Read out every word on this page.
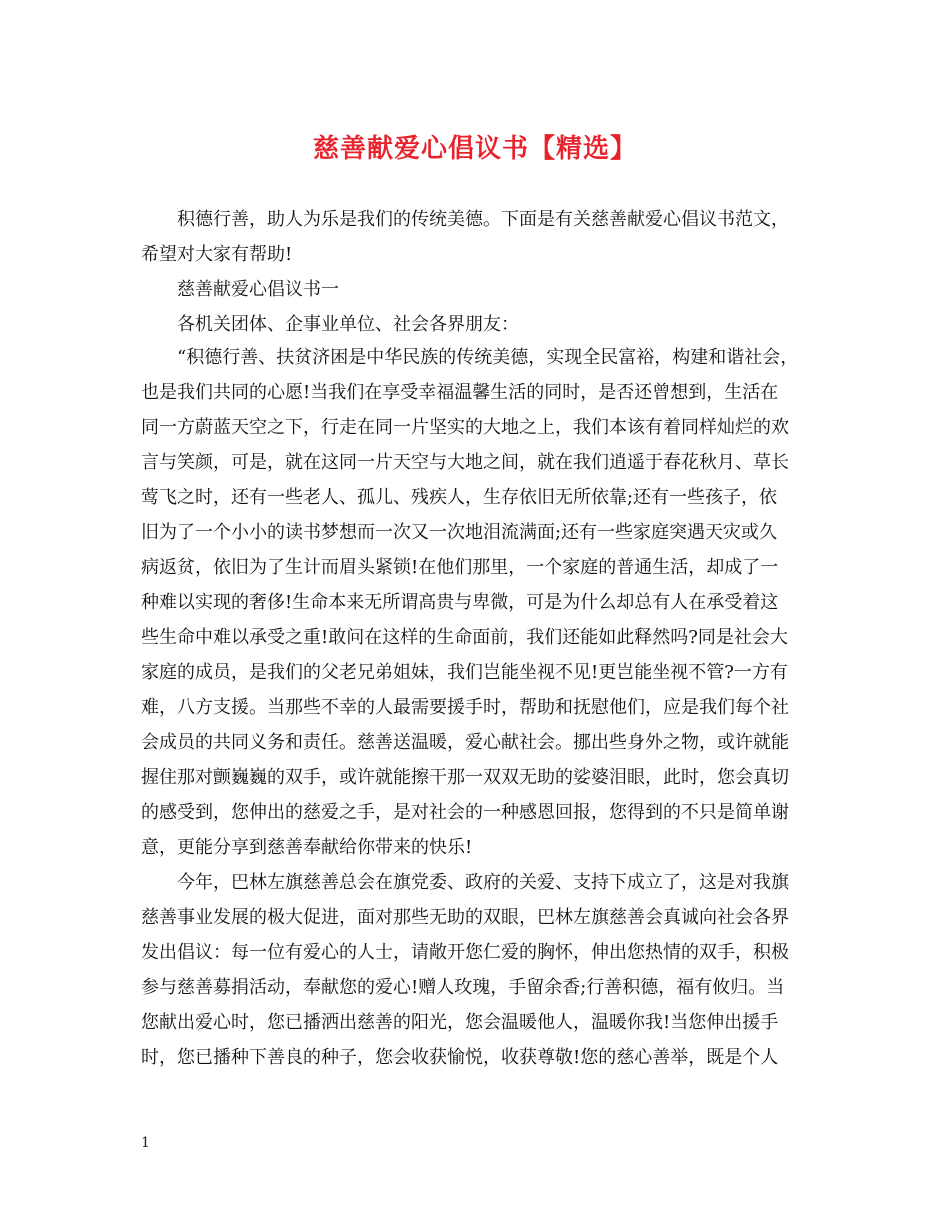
慈善献爱心倡议书【精选】
积德行善，助人为乐是我们的传统美德。下面是有关慈善献爱心倡议书范文，
希望对大家有帮助!
慈善献爱心倡议书一
各机关团体、企事业单位、社会各界朋友：
“积德行善、扶贫济困是中华民族的传统美德，实现全民富裕，构建和谐社会，
也是我们共同的心愿!当我们在享受幸福温馨生活的同时，是否还曾想到，生活在
同一方蔚蓝天空之下，行走在同一片坚实的大地之上，我们本该有着同样灿烂的欢
言与笑颜，可是，就在这同一片天空与大地之间，就在我们逍遥于春花秋月、草长
莺飞之时，还有一些老人、孤儿、残疾人，生存依旧无所依靠;还有一些孩子，依
旧为了一个小小的读书梦想而一次又一次地泪流满面;还有一些家庭突遇天灾或久
病返贫，依旧为了生计而眉头紧锁!在他们那里，一个家庭的普通生活，却成了一
种难以实现的奢侈!生命本来无所谓高贵与卑微，可是为什么却总有人在承受着这
些生命中难以承受之重!敢问在这样的生命面前，我们还能如此释然吗?同是社会大
家庭的成员，是我们的父老兄弟姐妹，我们岂能坐视不见!更岂能坐视不管?一方有
难，八方支援。当那些不幸的人最需要援手时，帮助和抚慰他们，应是我们每个社
会成员的共同义务和责任。慈善送温暖，爱心献社会。挪出些身外之物，或许就能
握住那对颤巍巍的双手，或许就能擦干那一双双无助的娑婆泪眼，此时，您会真切
的感受到，您伸出的慈爱之手，是对社会的一种感恩回报，您得到的不只是简单谢
意，更能分享到慈善奉献给你带来的快乐!
今年，巴林左旗慈善总会在旗党委、政府的关爱、支持下成立了，这是对我旗
慈善事业发展的极大促进，面对那些无助的双眼，巴林左旗慈善会真诚向社会各界
发出倡议：每一位有爱心的人士，请敞开您仁爱的胸怀，伸出您热情的双手，积极
参与慈善募捐活动，奉献您的爱心!赠人玫瑰，手留余香;行善积德，福有攸归。当
您献出爱心时，您已播洒出慈善的阳光，您会温暖他人，温暖你我!当您伸出援手
时，您已播种下善良的种子，您会收获愉悦，收获尊敬!您的慈心善举，既是个人
1
